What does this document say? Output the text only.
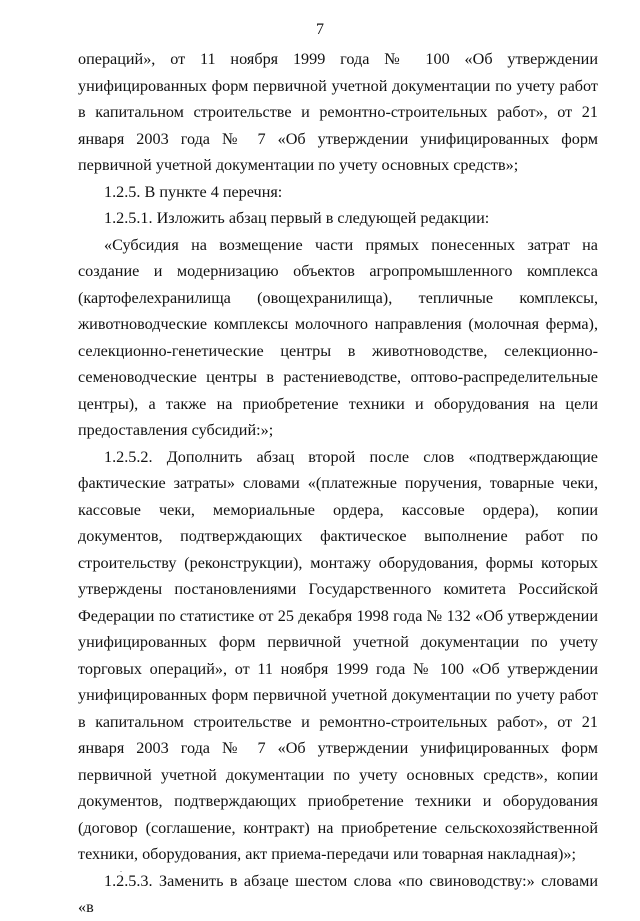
7

операций», от 11 ноября 1999 года № 100 «Об утверждении унифицированных форм первичной учетной документации по учету работ в капитальном строительстве и ремонтно-строительных работ», от 21 января 2003 года № 7 «Об утверждении унифицированных форм первичной учетной документации по учету основных средств»;

1.2.5. В пункте 4 перечня:

1.2.5.1. Изложить абзац первый в следующей редакции:

«Субсидия на возмещение части прямых понесенных затрат на создание и модернизацию объектов агропромышленного комплекса (картофелехранилища (овощехранилища), тепличные комплексы, животноводческие комплексы молочного направления (молочная ферма), селекционно-генетические центры в животноводстве, селекционно-семеноводческие центры в растениеводстве, оптово-распределительные центры), а также на приобретение техники и оборудования на цели предоставления субсидий:»;

1.2.5.2. Дополнить абзац второй после слов «подтверждающие фактические затраты» словами «(платежные поручения, товарные чеки, кассовые чеки, мемориальные ордера, кассовые ордера), копии документов, подтверждающих фактическое выполнение работ по строительству (реконструкции), монтажу оборудования, формы которых утверждены постановлениями Государственного комитета Российской Федерации по статистике от 25 декабря 1998 года № 132 «Об утверждении унифицированных форм первичной учетной документации по учету торговых операций», от 11 ноября 1999 года № 100 «Об утверждении унифицированных форм первичной учетной документации по учету работ в капитальном строительстве и ремонтно-строительных работ», от 21 января 2003 года № 7 «Об утверждении унифицированных форм первичной учетной документации по учету основных средств», копии документов, подтверждающих приобретение техники и оборудования (договор (соглашение, контракт) на приобретение сельскохозяйственной техники, оборудования, акт приема-передачи или товарная накладная)»;

1.2.5.3. Заменить в абзаце шестом слова «по свиноводству:» словами «в
